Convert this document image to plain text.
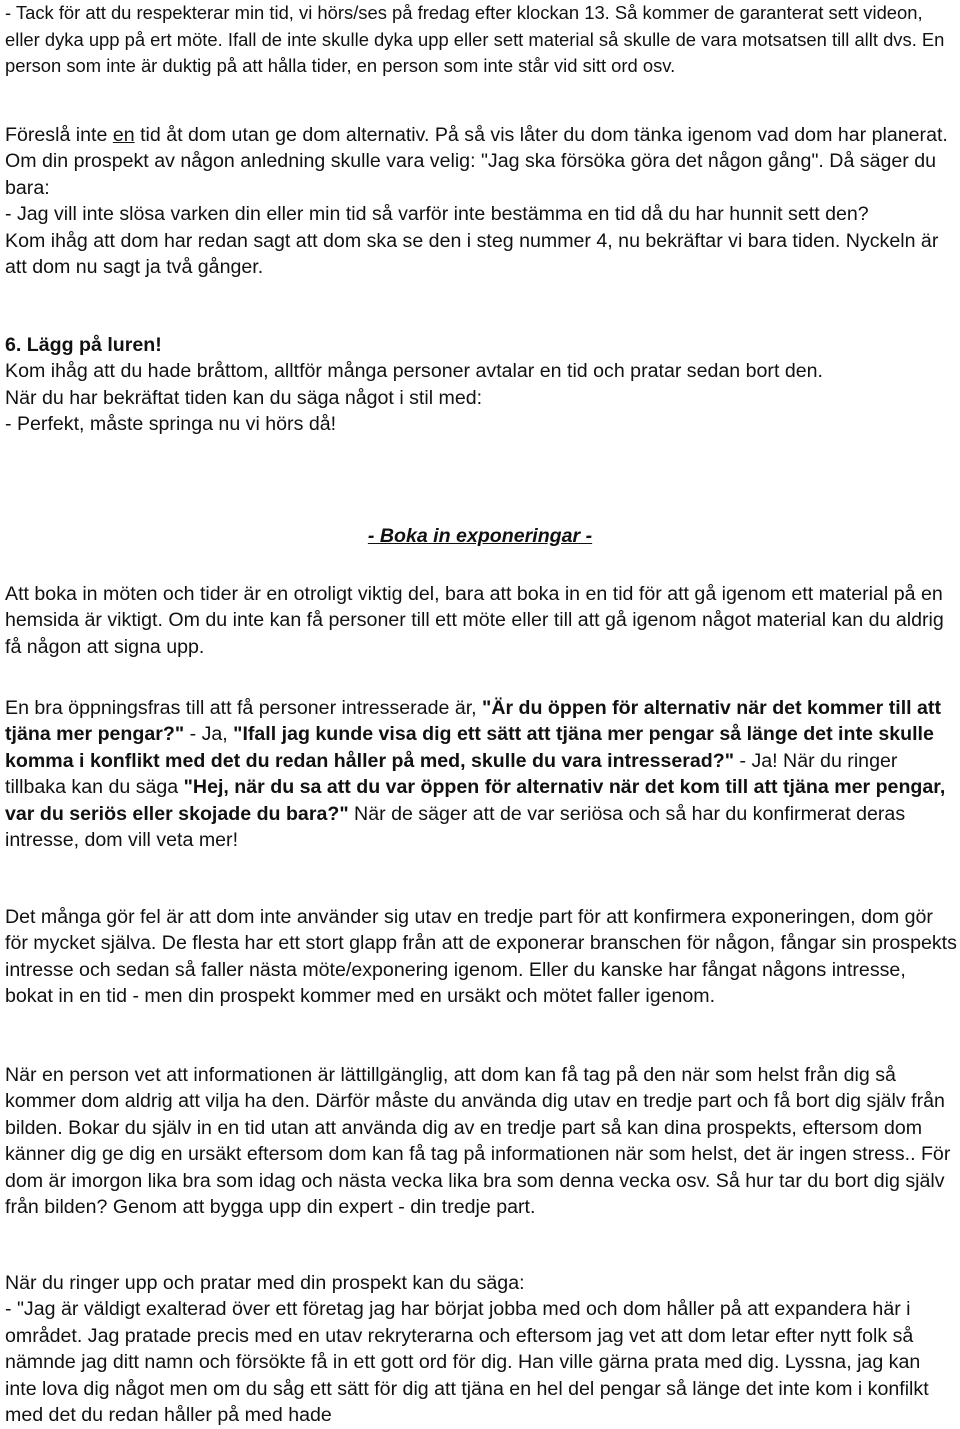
- Tack för att du respekterar min tid, vi hörs/ses på fredag efter klockan 13. Så kommer de garanterat sett videon, eller dyka upp på ert möte. Ifall de inte skulle dyka upp eller sett material så skulle de vara motsatsen till allt dvs. En person som inte är duktig på att hålla tider, en person som inte står vid sitt ord osv.

Föreslå inte en tid åt dom utan ge dom alternativ. På så vis låter du dom tänka igenom vad dom har planerat. Om din prospekt av någon anledning skulle vara velig: "Jag ska försöka göra det någon gång". Då säger du bara:
- Jag vill inte slösa varken din eller min tid så varför inte bestämma en tid då du har hunnit sett den?
Kom ihåg att dom har redan sagt att dom ska se den i steg nummer 4, nu bekräftar vi bara tiden. Nyckeln är att dom nu sagt ja två gånger.

6. Lägg på luren!
Kom ihåg att du hade bråttom, alltför många personer avtalar en tid och pratar sedan bort den.
När du har bekräftat tiden kan du säga något i stil med:
- Perfekt, måste springa nu vi hörs då!

- Boka in exponeringar -

Att boka in möten och tider är en otroligt viktig del, bara att boka in en tid för att gå igenom ett material på en hemsida är viktigt. Om du inte kan få personer till ett möte eller till att gå igenom något material kan du aldrig få någon att signa upp.

En bra öppningsfras till att få personer intresserade är, "Är du öppen för alternativ när det kommer till att tjäna mer pengar?" - Ja, "Ifall jag kunde visa dig ett sätt att tjäna mer pengar så länge det inte skulle komma i konflikt med det du redan håller på med, skulle du vara intresserad?" - Ja! När du ringer tillbaka kan du säga "Hej, när du sa att du var öppen för alternativ när det kom till att tjäna mer pengar, var du seriös eller skojade du bara?" När de säger att de var seriösa och så har du konfirmerat deras intresse, dom vill veta mer!

Det många gör fel är att dom inte använder sig utav en tredje part för att konfirmera exponeringen, dom gör för mycket själva. De flesta har ett stort glapp från att de exponerar branschen för någon, fångar sin prospekts intresse och sedan så faller nästa möte/exponering igenom. Eller du kanske har fångat någons intresse, bokat in en tid - men din prospekt kommer med en ursäkt och mötet faller igenom.

När en person vet att informationen är lättillgänglig, att dom kan få tag på den när som helst från dig så kommer dom aldrig att vilja ha den. Därför måste du använda dig utav en tredje part och få bort dig själv från bilden. Bokar du själv in en tid utan att använda dig av en tredje part så kan dina prospekts, eftersom dom känner dig ge dig en ursäkt eftersom dom kan få tag på informationen när som helst, det är ingen stress.. För dom är imorgon lika bra som idag och nästa vecka lika bra som denna vecka osv. Så hur tar du bort dig själv från bilden? Genom att bygga upp din expert - din tredje part.

När du ringer upp och pratar med din prospekt kan du säga:
- "Jag är väldigt exalterad över ett företag jag har börjat jobba med och dom håller på att expandera här i området. Jag pratade precis med en utav rekryterarna och eftersom jag vet att dom letar efter nytt folk så nämnde jag ditt namn och försökte få in ett gott ord för dig. Han ville gärna prata med dig. Lyssna, jag kan inte lova dig något men om du såg ett sätt för dig att tjäna en hel del pengar så länge det inte kom i konfilkt med det du redan håller på med hade
